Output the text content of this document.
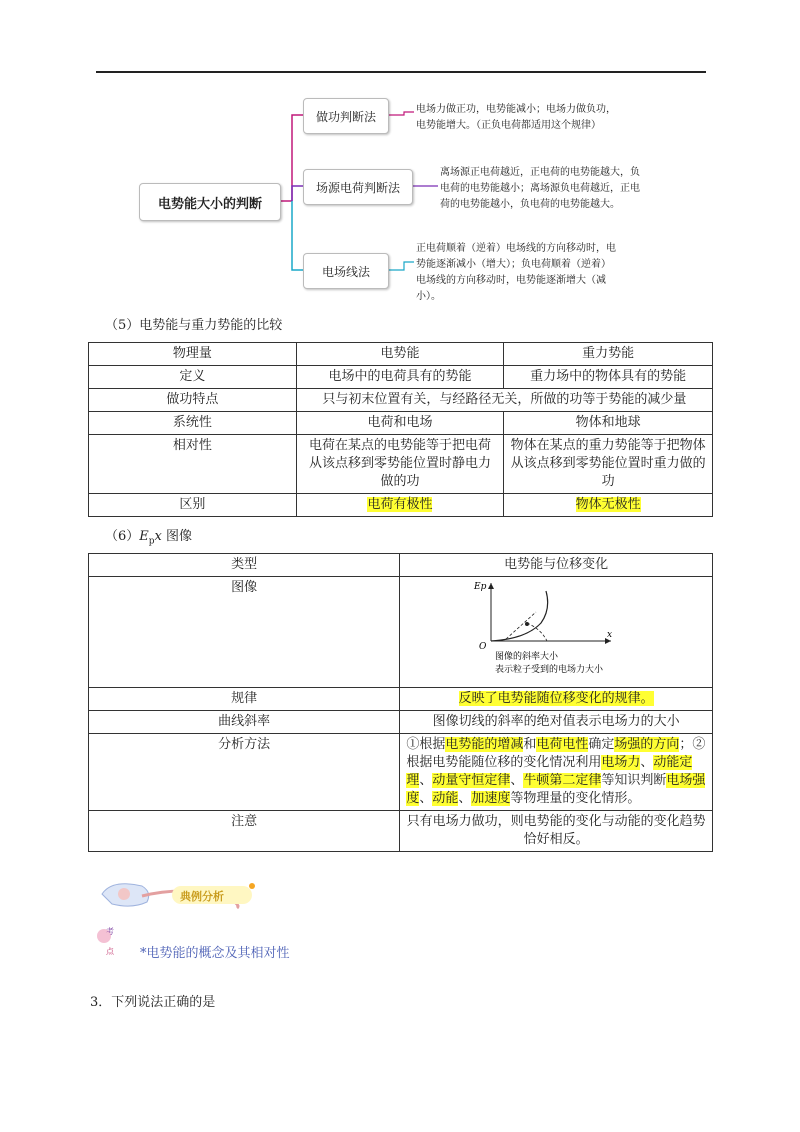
电势能大小的判断
做功判断法
场源电荷判断法
电场线法
电场力做正功，电势能减小；电场力做负功，
电势能增大。（正负电荷都适用这个规律）
离场源正电荷越近，正电荷的电势能越大，负
电荷的电势能越小；离场源负电荷越近，正电
荷的电势能越小，负电荷的电势能越大。
正电荷顺着（逆着）电场线的方向移动时，电
势能逐渐减小（增大）；负电荷顺着（逆着）
电场线的方向移动时，电势能逐渐增大（减
小）。
（5）电势能与重力势能的比较
物理量	电势能	重力势能
定义	电场中的电荷具有的势能	重力场中的物体具有的势能
做功特点	只与初末位置有关，与经路径无关，所做的功等于势能的减少量	
系统性	电荷和电场	物体和地球
相对性	电荷在某点的电势能等于把电荷从该点移到零势能位置时静电力做的功	物体在某点的重力势能等于把物体从该点移到零势能位置时重力做的功
区别	电荷有极性	物体无极性
$(6)E_px$ 图像
类型	电势能与位移变化
图像	Ep
x
O
图像的斜率大小
表示粒子受到的电场力大小

规律	反映了电势能随位移变化的规律。
曲线斜率	图像切线的斜率的绝对值表示电场力的大小
分析方法	①根据电势能的增减和电荷电性确定场强的方向；②根据电势能随位移的变化情况利用电场力、动能定理、动量守恒定律、牛顿第二定律等知识判断电场强度、动能、加速度等物理量的变化情形。
注意	只有电场力做功，则电势能的变化与动能的变化趋势恰好相反。
典例分析
考
点 *电势能的概念及其相对性
3．下列说法正确的是
